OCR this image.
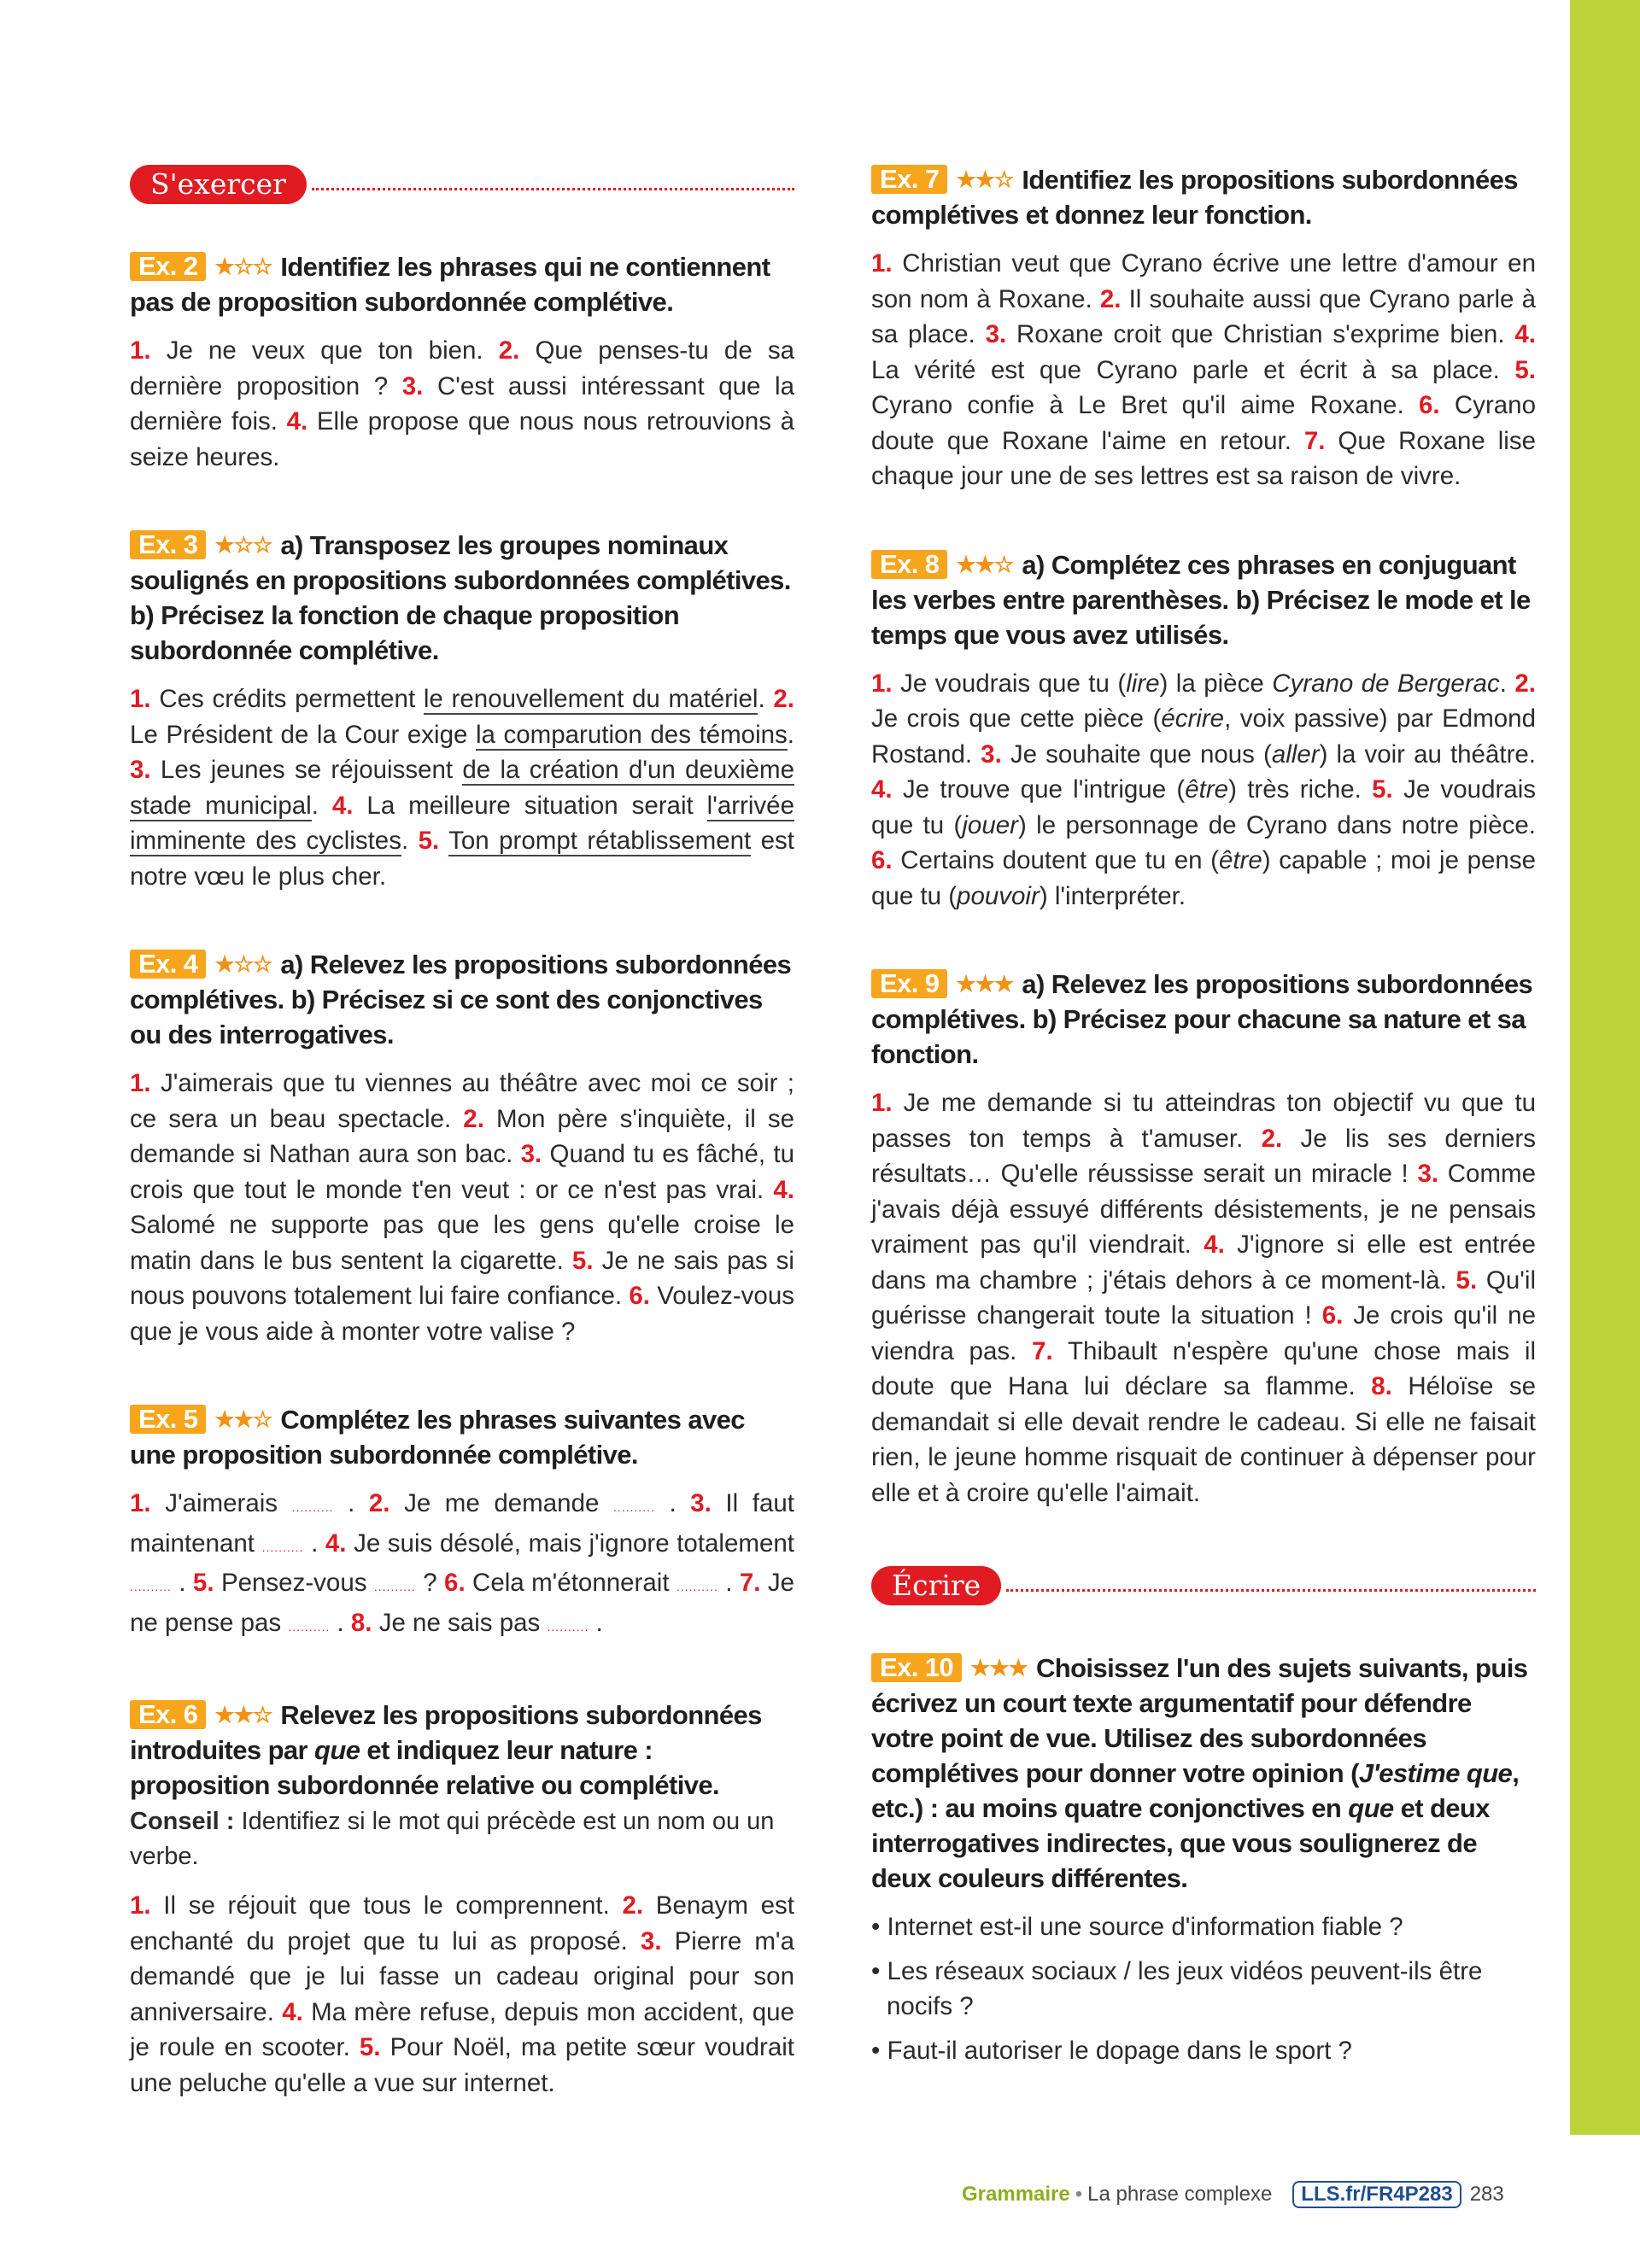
S'exercer
Ex. 2 ★☆☆ Identifiez les phrases qui ne contiennent pas de proposition subordonnée complétive.
1. Je ne veux que ton bien. 2. Que penses-tu de sa dernière proposition ? 3. C'est aussi intéressant que la dernière fois. 4. Elle propose que nous nous retrouvions à seize heures.
Ex. 3 ★☆☆ a) Transposez les groupes nominaux soulignés en propositions subordonnées complétives. b) Précisez la fonction de chaque proposition subordonnée complétive.
1. Ces crédits permettent le renouvellement du matériel. 2. Le Président de la Cour exige la comparution des témoins. 3. Les jeunes se réjouissent de la création d'un deuxième stade municipal. 4. La meilleure situation serait l'arrivée imminente des cyclistes. 5. Ton prompt rétablissement est notre vœu le plus cher.
Ex. 4 ★☆☆ a) Relevez les propositions subordonnées complétives. b) Précisez si ce sont des conjonctives ou des interrogatives.
1. J'aimerais que tu viennes au théâtre avec moi ce soir ; ce sera un beau spectacle. 2. Mon père s'inquiète, il se demande si Nathan aura son bac. 3. Quand tu es fâché, tu crois que tout le monde t'en veut : or ce n'est pas vrai. 4. Salomé ne supporte pas que les gens qu'elle croise le matin dans le bus sentent la cigarette. 5. Je ne sais pas si nous pouvons totalement lui faire confiance. 6. Voulez-vous que je vous aide à monter votre valise ?
Ex. 5 ★★☆ Complétez les phrases suivantes avec une proposition subordonnée complétive.
1. J'aimerais .......... . 2. Je me demande .......... . 3. Il faut maintenant .......... . 4. Je suis désolé, mais j'ignore totalement .......... . 5. Pensez-vous .......... ? 6. Cela m'étonnerait .......... . 7. Je ne pense pas .......... . 8. Je ne sais pas .......... .
Ex. 6 ★★☆ Relevez les propositions subordonnées introduites par que et indiquez leur nature : proposition subordonnée relative ou complétive.
Conseil : Identifiez si le mot qui précède est un nom ou un verbe.
1. Il se réjouit que tous le comprennent. 2. Benaym est enchanté du projet que tu lui as proposé. 3. Pierre m'a demandé que je lui fasse un cadeau original pour son anniversaire. 4. Ma mère refuse, depuis mon accident, que je roule en scooter. 5. Pour Noël, ma petite sœur voudrait une peluche qu'elle a vue sur internet.
Ex. 7 ★★☆ Identifiez les propositions subordonnées complétives et donnez leur fonction.
1. Christian veut que Cyrano écrive une lettre d'amour en son nom à Roxane. 2. Il souhaite aussi que Cyrano parle à sa place. 3. Roxane croit que Christian s'exprime bien. 4. La vérité est que Cyrano parle et écrit à sa place. 5. Cyrano confie à Le Bret qu'il aime Roxane. 6. Cyrano doute que Roxane l'aime en retour. 7. Que Roxane lise chaque jour une de ses lettres est sa raison de vivre.
Ex. 8 ★★☆ a) Complétez ces phrases en conjuguant les verbes entre parenthèses. b) Précisez le mode et le temps que vous avez utilisés.
1. Je voudrais que tu (lire) la pièce Cyrano de Bergerac. 2. Je crois que cette pièce (écrire, voix passive) par Edmond Rostand. 3. Je souhaite que nous (aller) la voir au théâtre. 4. Je trouve que l'intrigue (être) très riche. 5. Je voudrais que tu (jouer) le personnage de Cyrano dans notre pièce. 6. Certains doutent que tu en (être) capable ; moi je pense que tu (pouvoir) l'interpréter.
Ex. 9 ★★★ a) Relevez les propositions subordonnées complétives. b) Précisez pour chacune sa nature et sa fonction.
1. Je me demande si tu atteindras ton objectif vu que tu passes ton temps à t'amuser. 2. Je lis ses derniers résultats… Qu'elle réussisse serait un miracle ! 3. Comme j'avais déjà essuyé différents désistements, je ne pensais vraiment pas qu'il viendrait. 4. J'ignore si elle est entrée dans ma chambre ; j'étais dehors à ce moment-là. 5. Qu'il guérisse changerait toute la situation ! 6. Je crois qu'il ne viendra pas. 7. Thibault n'espère qu'une chose mais il doute que Hana lui déclare sa flamme. 8. Héloïse se demandait si elle devait rendre le cadeau. Si elle ne faisait rien, le jeune homme risquait de continuer à dépenser pour elle et à croire qu'elle l'aimait.
Écrire
Ex. 10 ★★★ Choisissez l'un des sujets suivants, puis écrivez un court texte argumentatif pour défendre votre point de vue. Utilisez des subordonnées complétives pour donner votre opinion (J'estime que, etc.) : au moins quatre conjonctives en que et deux interrogatives indirectes, que vous soulignerez de deux couleurs différentes.
• Internet est-il une source d'information fiable ?
• Les réseaux sociaux / les jeux vidéos peuvent-ils être nocifs ?
• Faut-il autoriser le dopage dans le sport ?
Grammaire • La phrase complexe	LLS.fr/FR4P283 283
